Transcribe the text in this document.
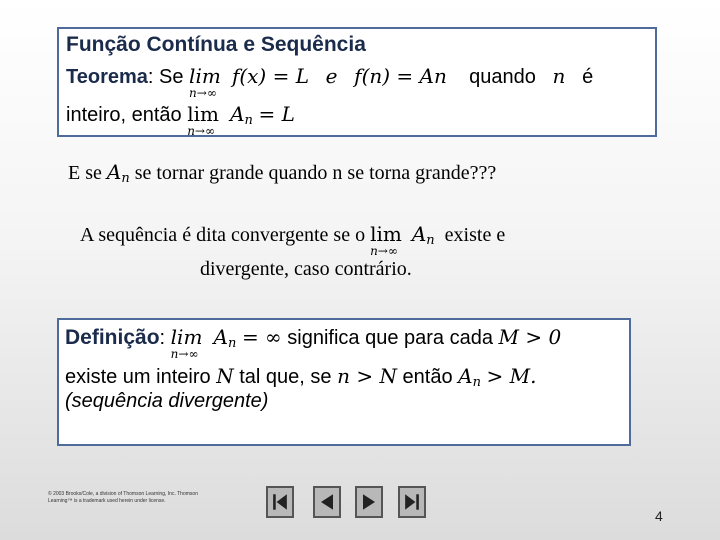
Função Contínua e Sequência
Teorema: Se lim
n→∞
f(x) = L e f(n) = An quando n é
inteiro, então lim
n→∞
$A_n = L$
E se $A_n$ se tornar grande quando n se torna grande???
A sequência é dita convergente se o lim
n→∞
$A_n$ existe e
divergente, caso contrário.
Definição: lim
n→∞
$A_n$ = ∞ significa que para cada M > 0
existe um inteiro N tal que, se n > N então $A_n > M$.
(sequência divergente)
© 2003 Brooks/Cole, a division of Thomson Learning, Inc. Thomson
Learning™ is a trademark used herein under license.
4
